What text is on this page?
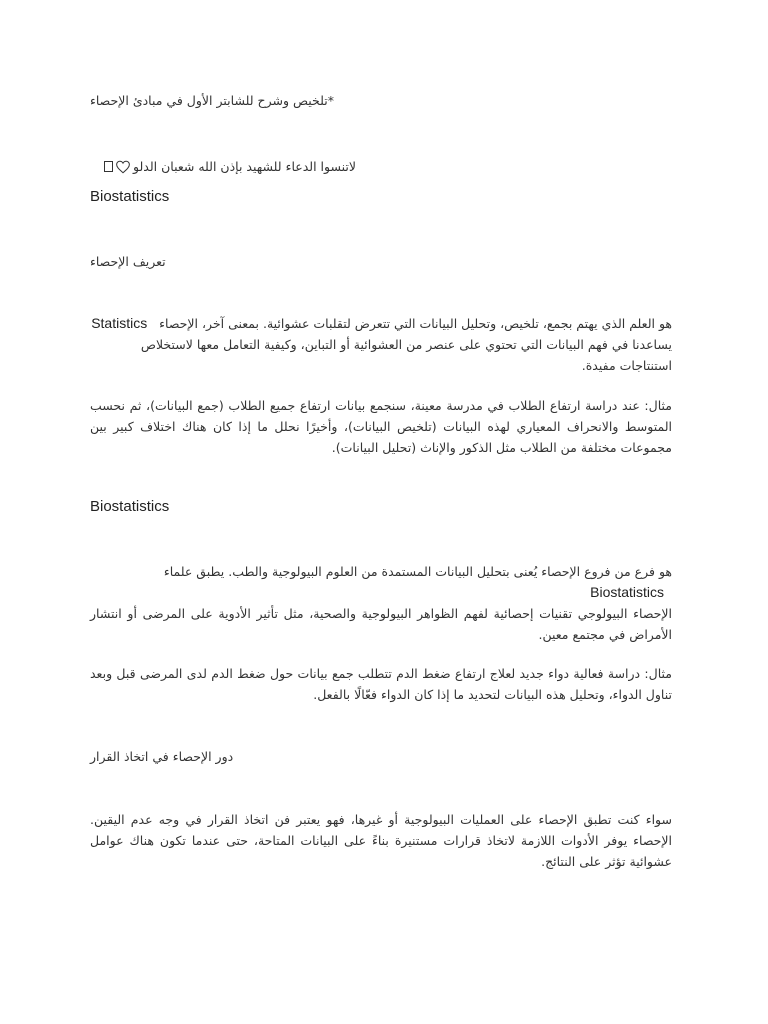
*تلخيص وشرح للشابتر الأول في مبادئ الإحصاء
لاتنسوا الدعاء للشهيد بإذن الله شعبان الدلو
Biostatistics
تعريف الإحصاء
هو العلم الذي يهتم بجمع، تلخيص، وتحليل البيانات التي تتعرض لتقلبات عشوائية. بمعنى آخر، الإحصاء   Statistics
يساعدنا في فهم البيانات التي تحتوي على عنصر من العشوائية أو التباين، وكيفية التعامل معها لاستخلاص استنتاجات مفيدة.
مثال: عند دراسة ارتفاع الطلاب في مدرسة معينة، سنجمع بيانات ارتفاع جميع الطلاب (جمع البيانات)، ثم نحسب المتوسط والانحراف المعياري لهذه البيانات (تلخيص البيانات)، وأخيرًا نحلل ما إذا كان هناك اختلاف كبير بين مجموعات مختلفة من الطلاب مثل الذكور والإناث (تحليل البيانات).
Biostatistics
هو فرع من فروع الإحصاء يُعنى بتحليل البيانات المستمدة من العلوم البيولوجية والطب. يطبق علماء   Biostatistics
الإحصاء البيولوجي تقنيات إحصائية لفهم الظواهر البيولوجية والصحية، مثل تأثير الأدوية على المرضى أو انتشار الأمراض في مجتمع معين.
مثال: دراسة فعالية دواء جديد لعلاج ارتفاع ضغط الدم تتطلب جمع بيانات حول ضغط الدم لدى المرضى قبل وبعد تناول الدواء، وتحليل هذه البيانات لتحديد ما إذا كان الدواء فعّالًا بالفعل.
دور الإحصاء في اتخاذ القرار
سواء كنت تطبق الإحصاء على العمليات البيولوجية أو غيرها، فهو يعتبر فن اتخاذ القرار في وجه عدم اليقين. الإحصاء يوفر الأدوات اللازمة لاتخاذ قرارات مستنيرة بناءً على البيانات المتاحة، حتى عندما تكون هناك عوامل عشوائية تؤثر على النتائج.
